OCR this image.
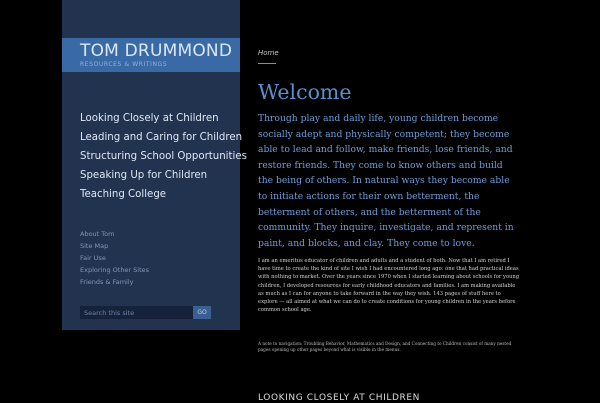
TOM DRUMMOND
RESOURCES & WRITINGS
Looking Closely at Children
Leading and Caring for Children
Structuring School Opportunities
Speaking Up for Children
Teaching College
About Tom
Site Map
Fair Use
Exploring Other Sites
Friends & Family
Search this site
GO
Home
Welcome

Through play and daily life, young children become socially adept and physically competent; they become able to lead and follow, make friends, lose friends, and restore friends. They come to know others and build the being of others. In natural ways they become able to initiate actions for their own betterment, the betterment of others, and the betterment of the community. They inquire, investigate, and represent in paint, and blocks, and clay. They come to love.

I am an emeritus educator of children and adults and a student of both. Now that I am retired I have time to create the kind of site I wish I had encountered long ago: one that had practical ideas with nothing to market. Over the years since 1970 when I started learning about schools for young children, I developed resources for early childhood educators and families. I am making available as much as I can for anyone to take forward in the way they wish. 143 pages of stuff here to explore — all aimed at what we can do to create conditions for young children in the years before common school age.

A note to navigation: Troubling Behavior, Mathematics and Design, and Connecting to Children consist of many nested pages opening up other pages beyond what is visible in the menus.

LOOKING CLOSELY AT CHILDREN
